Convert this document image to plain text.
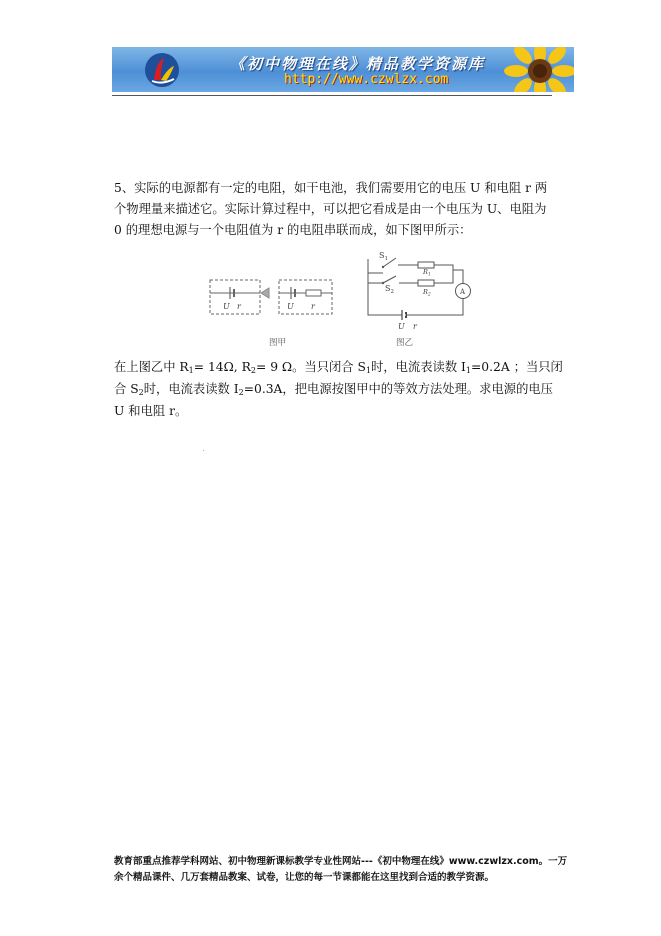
《初中物理在线》精品教学资源库
http://www.czwlzx.com
5、实际的电源都有一定的电阻，如干电池，我们需要用它的电压 U 和电阻 r 两个物理量来描述它。实际计算过程中，可以把它看成是由一个电压为 U、电阻为 0 的理想电源与一个电阻值为 r 的电阻串联而成，如下图甲所示：
U r	U r
$S_1$
$S_2$
$R_1$
$R_2$	A
U r
图甲	图乙
在上图乙中 $R_1= 14\Omega$, $R_2= 9$ Ω。当只闭合 $S_1$时，电流表读数 $I_1=0.2A$ ；当只闭合 $S_2$时，电流表读数 $I_2=0.3A$，把电源按图甲中的等效方法处理。求电源的电压 U 和电阻 r。
教育部重点推荐学科网站、初中物理新课标教学专业性网站---《初中物理在线》www.czwlzx.com。一万余个精品课件、几万套精品教案、试卷，让您的每一节课都能在这里找到合适的教学资源。
